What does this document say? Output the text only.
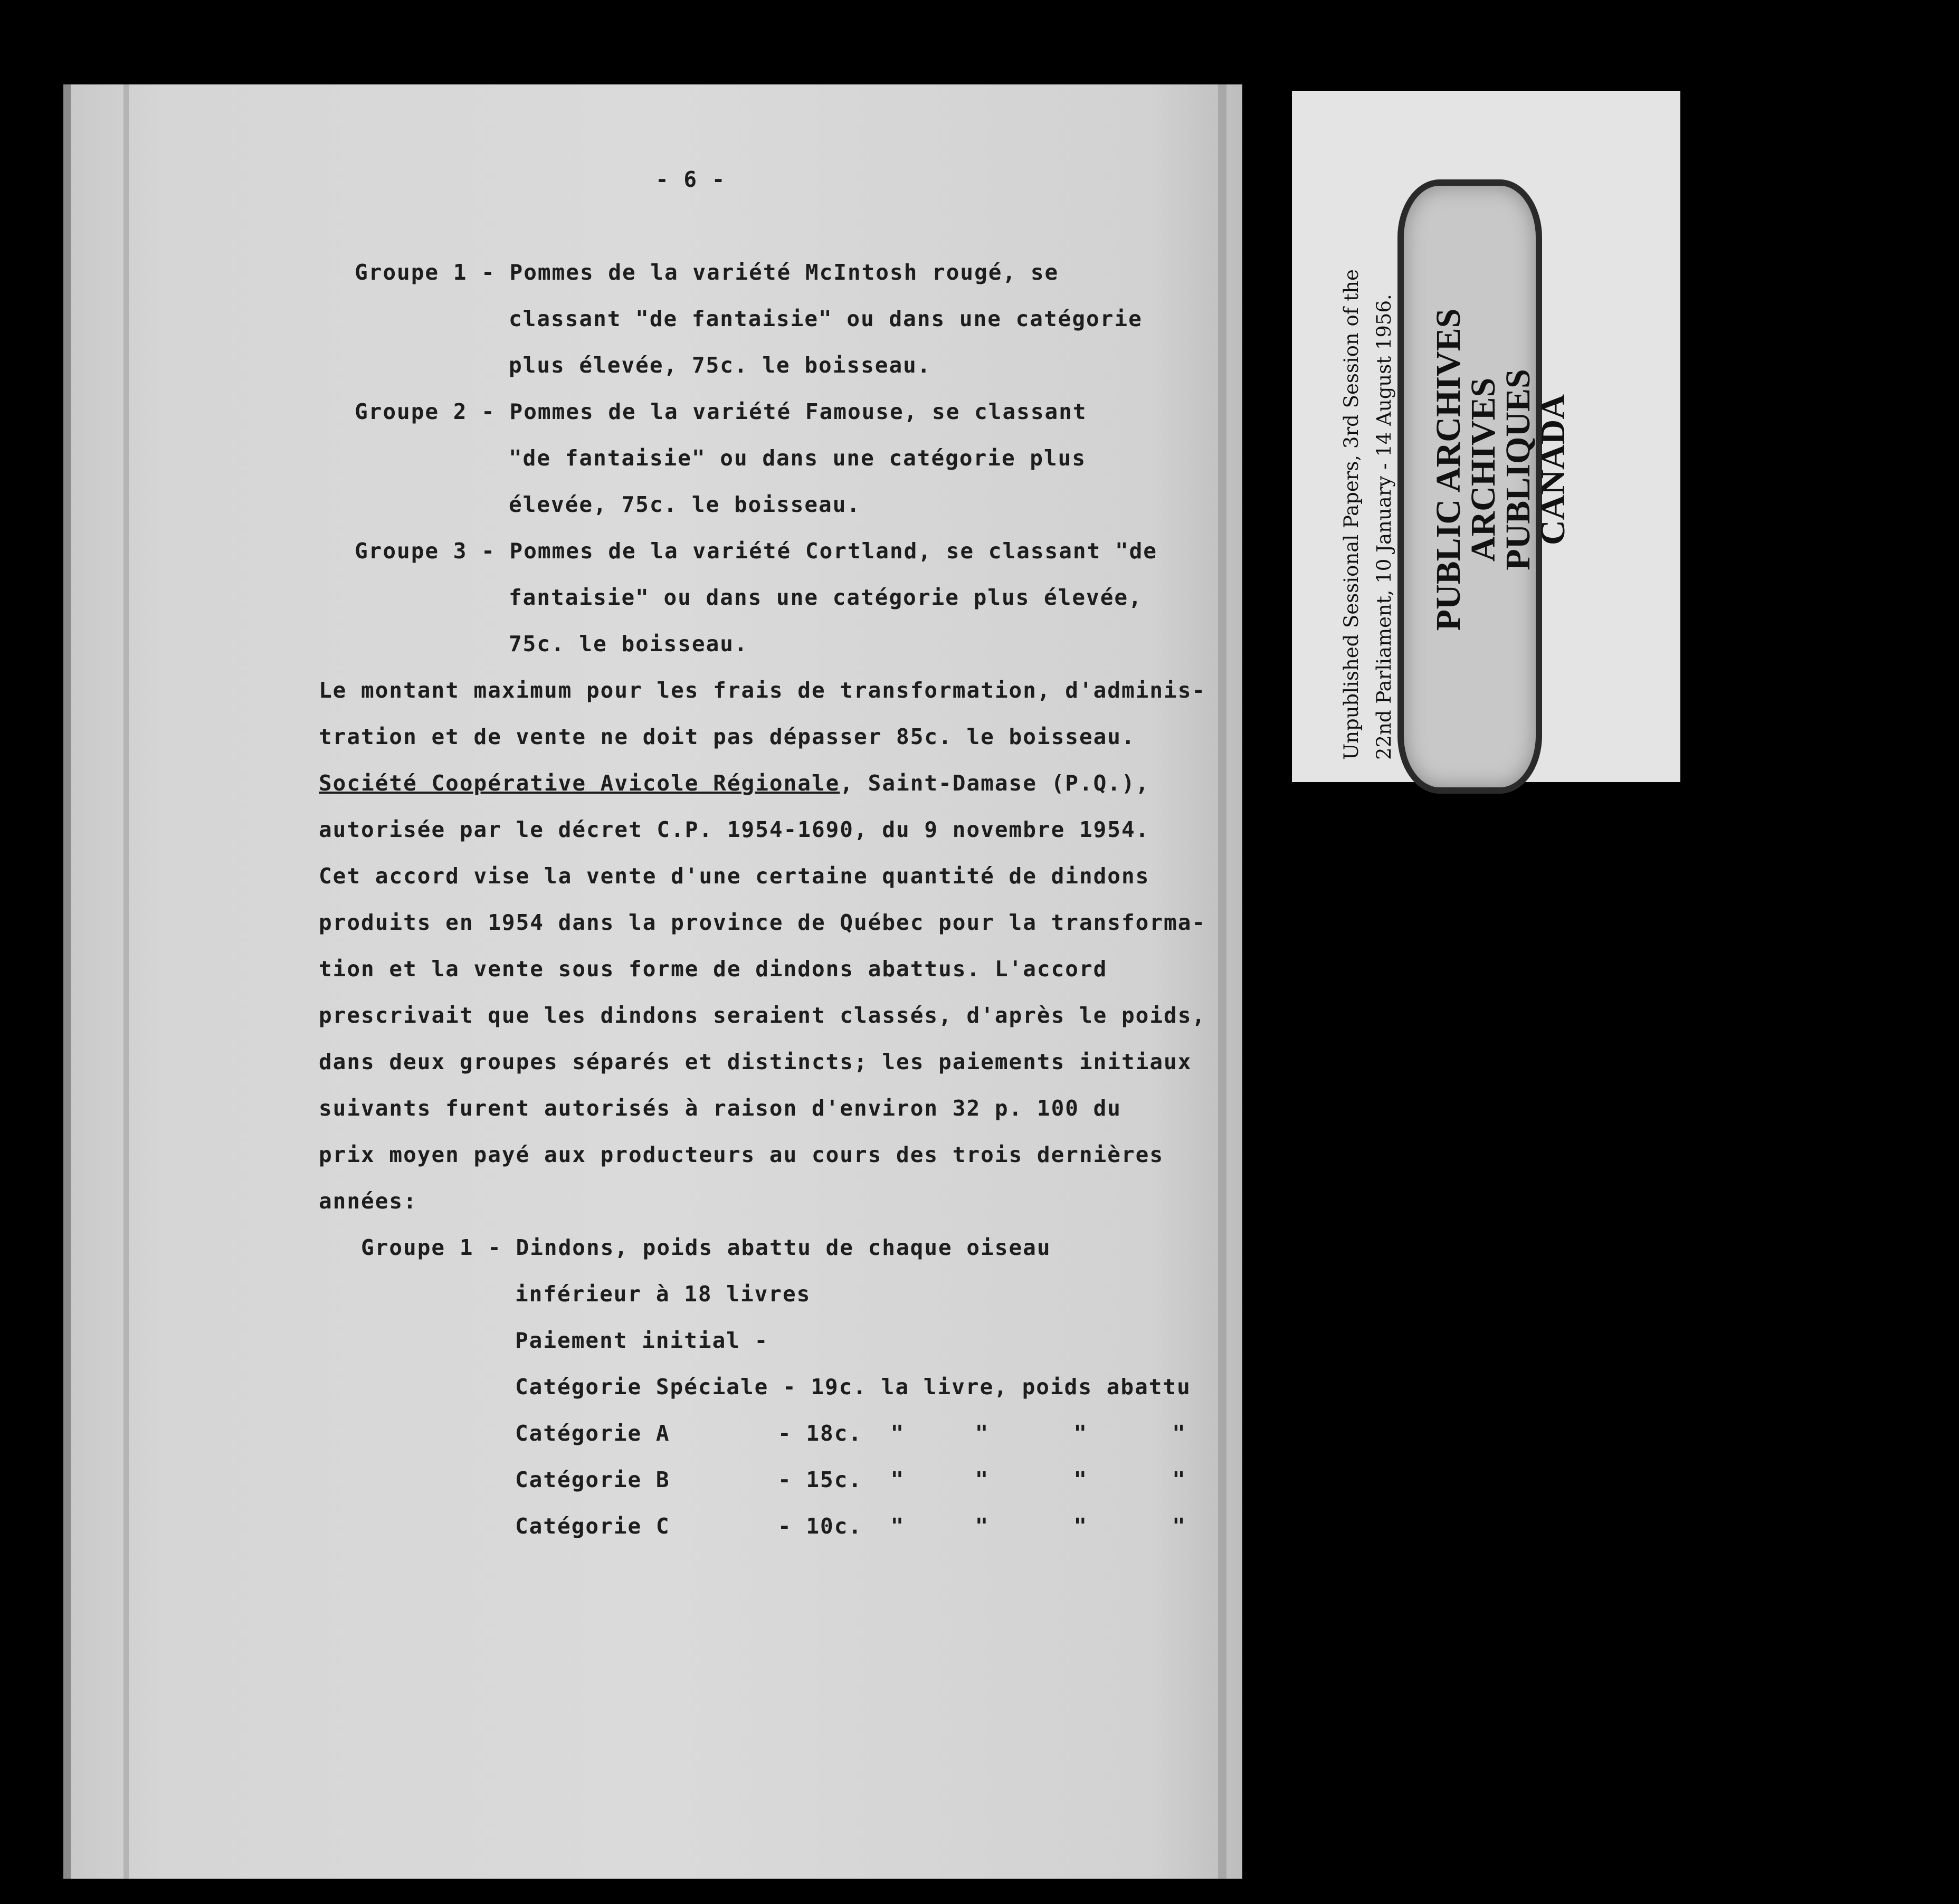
- 6 -
Groupe 1 - Pommes de la variété McIntosh rougé, se
classant "de fantaisie" ou dans une catégorie
plus élevée, 75c. le boisseau.
Groupe 2 - Pommes de la variété Famouse, se classant
"de fantaisie" ou dans une catégorie plus
élevée, 75c. le boisseau.
Groupe 3 - Pommes de la variété Cortland, se classant "de
fantaisie" ou dans une catégorie plus élevée,
75c. le boisseau.
Le montant maximum pour les frais de transformation, d'adminis-
tration et de vente ne doit pas dépasser 85c. le boisseau.
Société Coopérative Avicole Régionale, Saint-Damase (P.Q.),
autorisée par le décret C.P. 1954-1690, du 9 novembre 1954.
Cet accord vise la vente d'une certaine quantité de dindons
produits en 1954 dans la province de Québec pour la transforma-
tion et la vente sous forme de dindons abattus. L'accord
prescrivait que les dindons seraient classés, d'après le poids,
dans deux groupes séparés et distincts; les paiements initiaux
suivants furent autorisés à raison d'environ 32 p. 100 du
prix moyen payé aux producteurs au cours des trois dernières
années:
Groupe 1 - Dindons, poids abattu de chaque oiseau
inférieur à 18 livres
Paiement initial -
Catégorie Spéciale - 19c. la livre, poids abattu
Catégorie A	- 18c.  "     "      "      "
Catégorie B	- 15c.  "     "      "      "
Catégorie C	- 10c.  "     "      "      "
Unpublished Sessional Papers, 3rd Session of the 22nd Parliament, 10 January - 14 August 1956. PUBLIC ARCHIVES
ARCHIVES PUBLIQUES
CANADA
